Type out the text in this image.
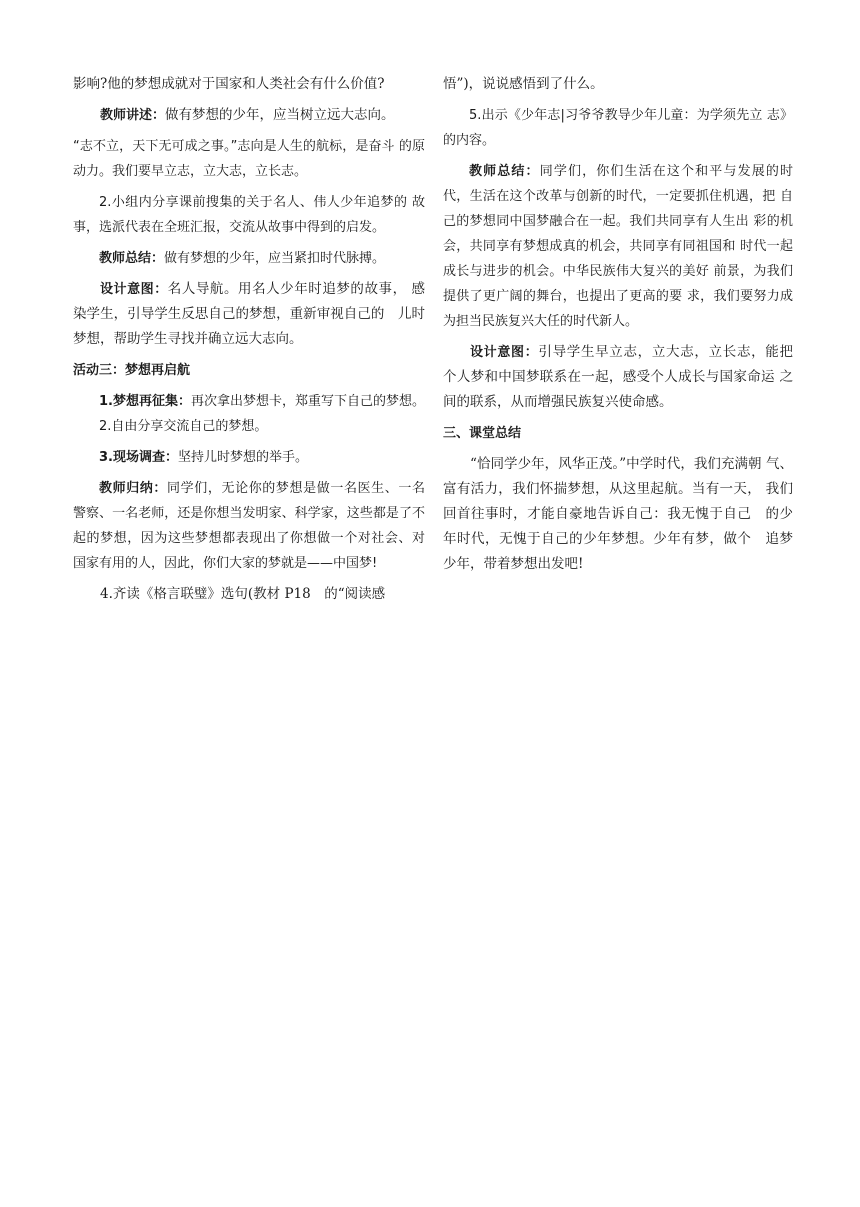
影响?他的梦想成就对于国家和人类社会有什么价值?

教师讲述：做有梦想的少年，应当树立远大志向。

“志不立，天下无可成之事。”志向是人生的航标，是奋斗 的原动力。我们要早立志，立大志，立长志。

2.小组内分享课前搜集的关于名人、伟人少年追梦的 故事，选派代表在全班汇报，交流从故事中得到的启发。

教师总结：做有梦想的少年，应当紧扣时代脉搏。

设计意图：名人导航。用名人少年时追梦的故事， 感染学生，引导学生反思自己的梦想，重新审视自己的　儿时梦想，帮助学生寻找并确立远大志向。

活动三：梦想再启航

1.梦想再征集：再次拿出梦想卡，郑重写下自己的梦想。 2.自由分享交流自己的梦想。

3.现场调查：坚持儿时梦想的举手。

教师归纳：同学们，无论你的梦想是做一名医生、一名 警察、一名老师，还是你想当发明家、科学家，这些都是了不　起的梦想，因为这些梦想都表现出了你想做一个对社会、对 国家有用的人，因此，你们大家的梦就是——中国梦!

4.齐读《格言联璧》选句(教材 P18　的“阅读感

悟”)，说说感悟到了什么。

5.出示《少年志|习爷爷教导少年儿童：为学须先立 志》的内容。

教师总结：同学们，你们生活在这个和平与发展的时 代，生活在这个改革与创新的时代，一定要抓住机遇，把 自己的梦想同中国梦融合在一起。我们共同享有人生出 彩的机会，共同享有梦想成真的机会，共同享有同祖国和 时代一起成长与进步的机会。中华民族伟大复兴的美好 前景，为我们提供了更广阔的舞台，也提出了更高的要 求，我们要努力成为担当民族复兴大任的时代新人。

设计意图：引导学生早立志，立大志，立长志，能把 个人梦和中国梦联系在一起，感受个人成长与国家命运 之间的联系，从而增强民族复兴使命感。

三、课堂总结

“恰同学少年，风华正茂。”中学时代，我们充满朝 气、富有活力，我们怀揣梦想，从这里起航。当有一天， 我们回首往事时，才能自豪地告诉自己：我无愧于自己　的少年时代，无愧于自己的少年梦想。少年有梦，做个　追梦少年，带着梦想出发吧!
